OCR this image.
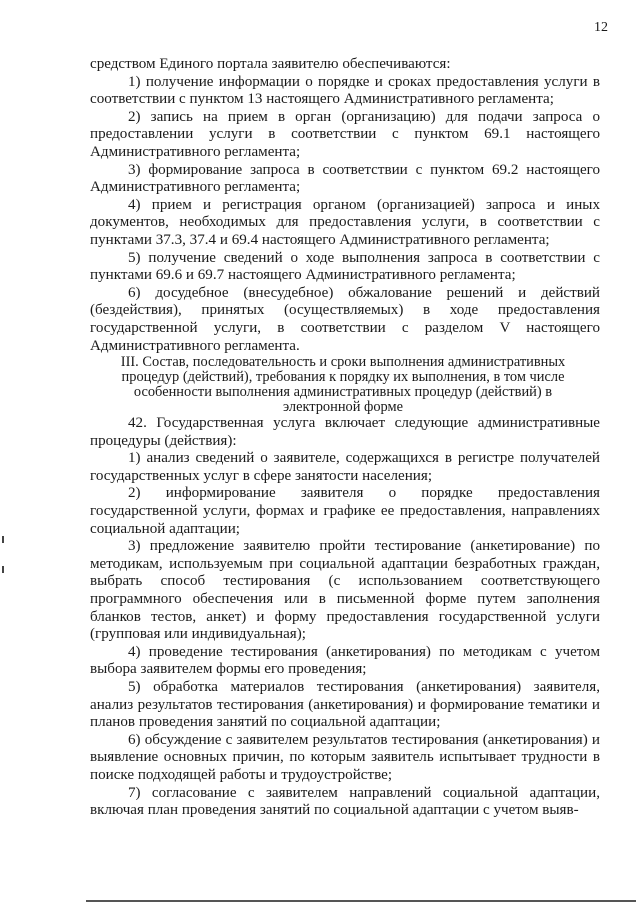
12

средством Единого портала заявителю обеспечиваются:

1) получение информации о порядке и сроках предоставления услуги в соответствии с пунктом 13 настоящего Административного регламента;

2) запись на прием в орган (организацию) для подачи запроса о предоставлении услуги в соответствии с пунктом 69.1 настоящего Административного регламента;

3) формирование запроса в соответствии с пунктом 69.2 настоящего Административного регламента;

4) прием и регистрация органом (организацией) запроса и иных документов, необходимых для предоставления услуги, в соответствии с пунктами 37.3, 37.4 и 69.4 настоящего Административного регламента;

5) получение сведений о ходе выполнения запроса в соответствии с пунктами 69.6 и 69.7 настоящего Административного регламента;

6) досудебное (внесудебное) обжалование решений и действий (бездействия), принятых (осуществляемых) в ходе предоставления государственной услуги, в соответствии с разделом V настоящего Административного регламента.

III. Состав, последовательность и сроки выполнения административных процедур (действий), требования к порядку их выполнения, в том числе особенности выполнения административных процедур (действий) в электронной форме

42. Государственная услуга включает следующие административные процедуры (действия):

1) анализ сведений о заявителе, содержащихся в регистре получателей государственных услуг в сфере занятости населения;

2) информирование заявителя о порядке предоставления государственной услуги, формах и графике ее предоставления, направлениях социальной адаптации;

3) предложение заявителю пройти тестирование (анкетирование) по методикам, используемым при социальной адаптации безработных граждан, выбрать способ тестирования (с использованием соответствующего программного обеспечения или в письменной форме путем заполнения бланков тестов, анкет) и форму предоставления государственной услуги (групповая или индивидуальная);

4) проведение тестирования (анкетирования) по методикам с учетом выбора заявителем формы его проведения;

5) обработка материалов тестирования (анкетирования) заявителя, анализ результатов тестирования (анкетирования) и формирование тематики и планов проведения занятий по социальной адаптации;

6) обсуждение с заявителем результатов тестирования (анкетирования) и выявление основных причин, по которым заявитель испытывает трудности в поиске подходящей работы и трудоустройстве;

7) согласование с заявителем направлений социальной адаптации, включая план проведения занятий по социальной адаптации с учетом выяв-
